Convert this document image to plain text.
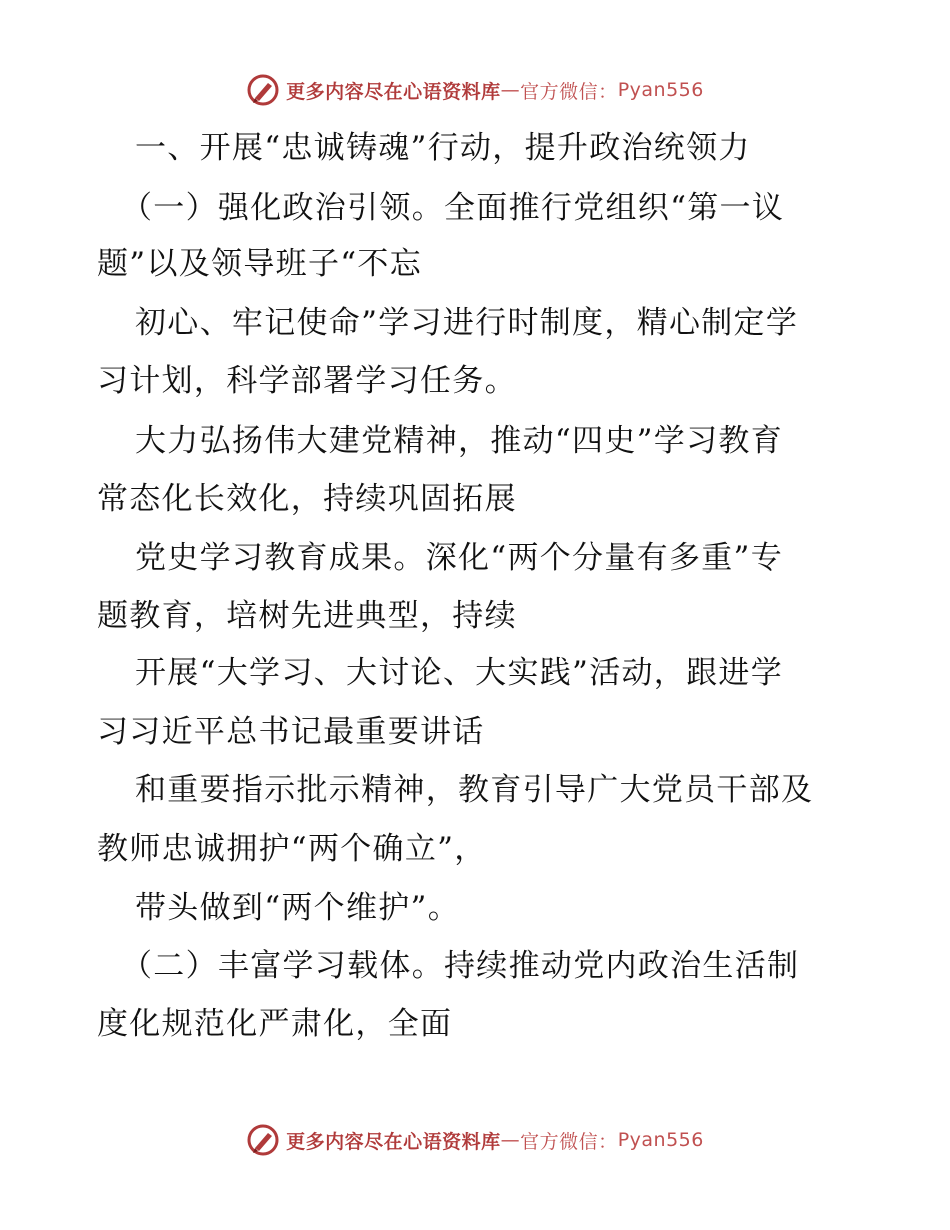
更多内容尽在心语资料库 — 官方微信： Pyan556
一、开展“忠诚铸魂”行动，提升政治统领力
（一）强化政治引领。全面推行党组织“第一议
题”以及领导班子“不忘
初心、牢记使命”学习进行时制度，精心制定学
习计划，科学部署学习任务。
大力弘扬伟大建党精神，推动“四史”学习教育
常态化长效化，持续巩固拓展
党史学习教育成果。深化“两个分量有多重”专
题教育，培树先进典型，持续
开展“大学习、大讨论、大实践”活动，跟进学
习习近平总书记最重要讲话
和重要指示批示精神，教育引导广大党员干部及
教师忠诚拥护“两个确立”，
带头做到“两个维护”。
（二）丰富学习载体。持续推动党内政治生活制
度化规范化严肃化，全面
更多内容尽在心语资料库 — 官方微信： Pyan556
